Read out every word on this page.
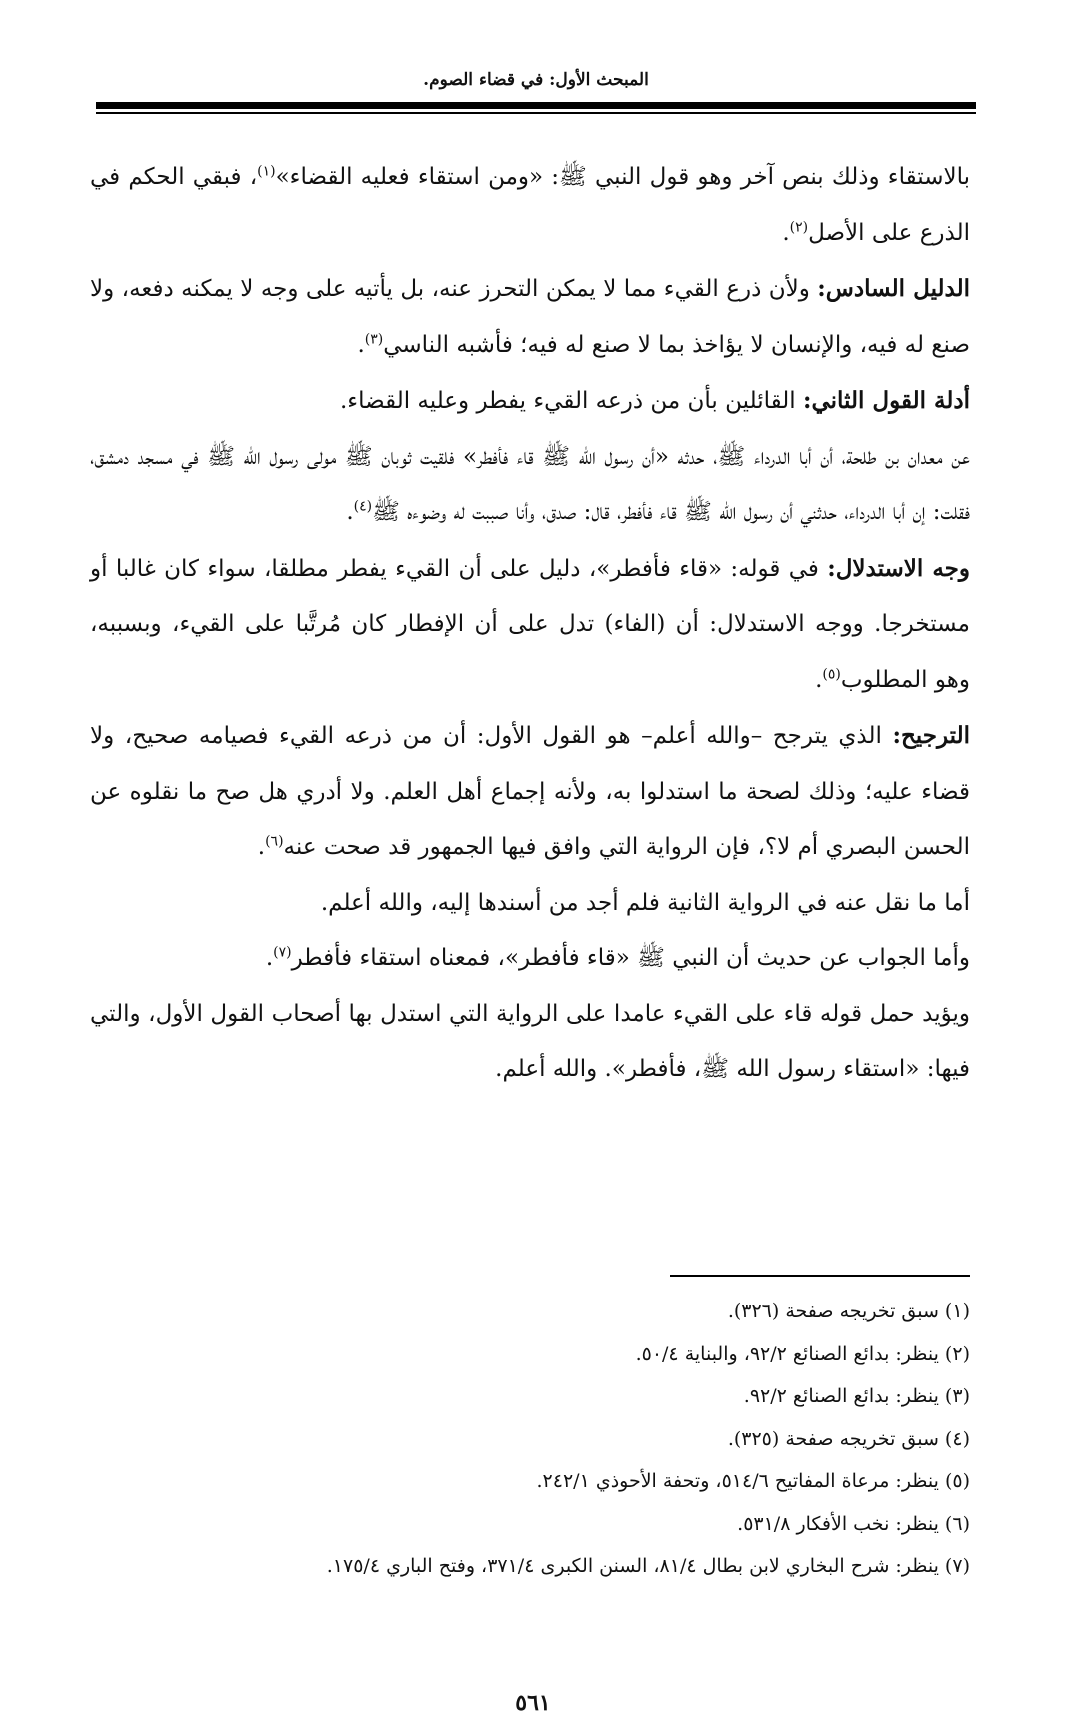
المبحث الأول: في قضاء الصوم.

بالاستقاء وذلك بنص آخر وهو قول النبي ﷺ: «ومن استقاء فعليه القضاء»$^{(١)}$، فبقي الحكم في الذرع على الأصل$^{(٢)}$.

الدليل السادس: ولأن ذرع القيء مما لا يمكن التحرز عنه، بل يأتيه على وجه لا يمكنه دفعه، ولا صنع له فيه، والإنسان لا يؤاخذ بما لا صنع له فيه؛ فأشبه الناسي$^{(٣)}$.

أدلة القول الثاني: القائلين بأن من ذرعه القيء يفطر وعليه القضاء.

عن معدان بن طلحة، أن أبا الدرداء ﷺ، حدثه «أن رسول الله ﷺ قاء فأفطر» فلقيت ثوبان ﷺ مولى رسول الله ﷺ في مسجد دمشق، فقلت: إن أبا الدرداء، حدثني أن رسول الله ﷺ قاء فأفطر، قال: صدق، وأنا صببت له وضوءه ﷺ$^{(٤)}$.

وجه الاستدلال: في قوله: «قاء فأفطر»، دليل على أن القيء يفطر مطلقا، سواء كان غالبا أو مستخرجا. ووجه الاستدلال: أن (الفاء) تدل على أن الإفطار كان مُرتَّبا على القيء، وبسببه، وهو المطلوب$^{(٥)}$.

الترجيح: الذي يترجح –والله أعلم– هو القول الأول: أن من ذرعه القيء فصيامه صحيح، ولا قضاء عليه؛ وذلك لصحة ما استدلوا به، ولأنه إجماع أهل العلم. ولا أدري هل صح ما نقلوه عن الحسن البصري أم لا؟، فإن الرواية التي وافق فيها الجمهور قد صحت عنه$^{(٦)}$.

أما ما نقل عنه في الرواية الثانية فلم أجد من أسندها إليه، والله أعلم.

وأما الجواب عن حديث أن النبي ﷺ «قاء فأفطر»، فمعناه استقاء فأفطر$^{(٧)}$.

ويؤيد حمل قوله قاء على القيء عامدا على الرواية التي استدل بها أصحاب القول الأول، والتي فيها: «استقاء رسول الله ﷺ، فأفطر». والله أعلم.

(١) سبق تخريجه صفحة (٣٢٦).

(٢) ينظر: بدائع الصنائع ٩٢/٢، والبناية ٥٠/٤.

(٣) ينظر: بدائع الصنائع ٩٢/٢.

(٤) سبق تخريجه صفحة (٣٢٥).

(٥) ينظر: مرعاة المفاتيح ٥١٤/٦، وتحفة الأحوذي ٢٤٢/١.

(٦) ينظر: نخب الأفكار ٥٣١/٨.

(٧) ينظر: شرح البخاري لابن بطال ٨١/٤، السنن الكبرى ٣٧١/٤، وفتح الباري ١٧٥/٤.

٥٦١
